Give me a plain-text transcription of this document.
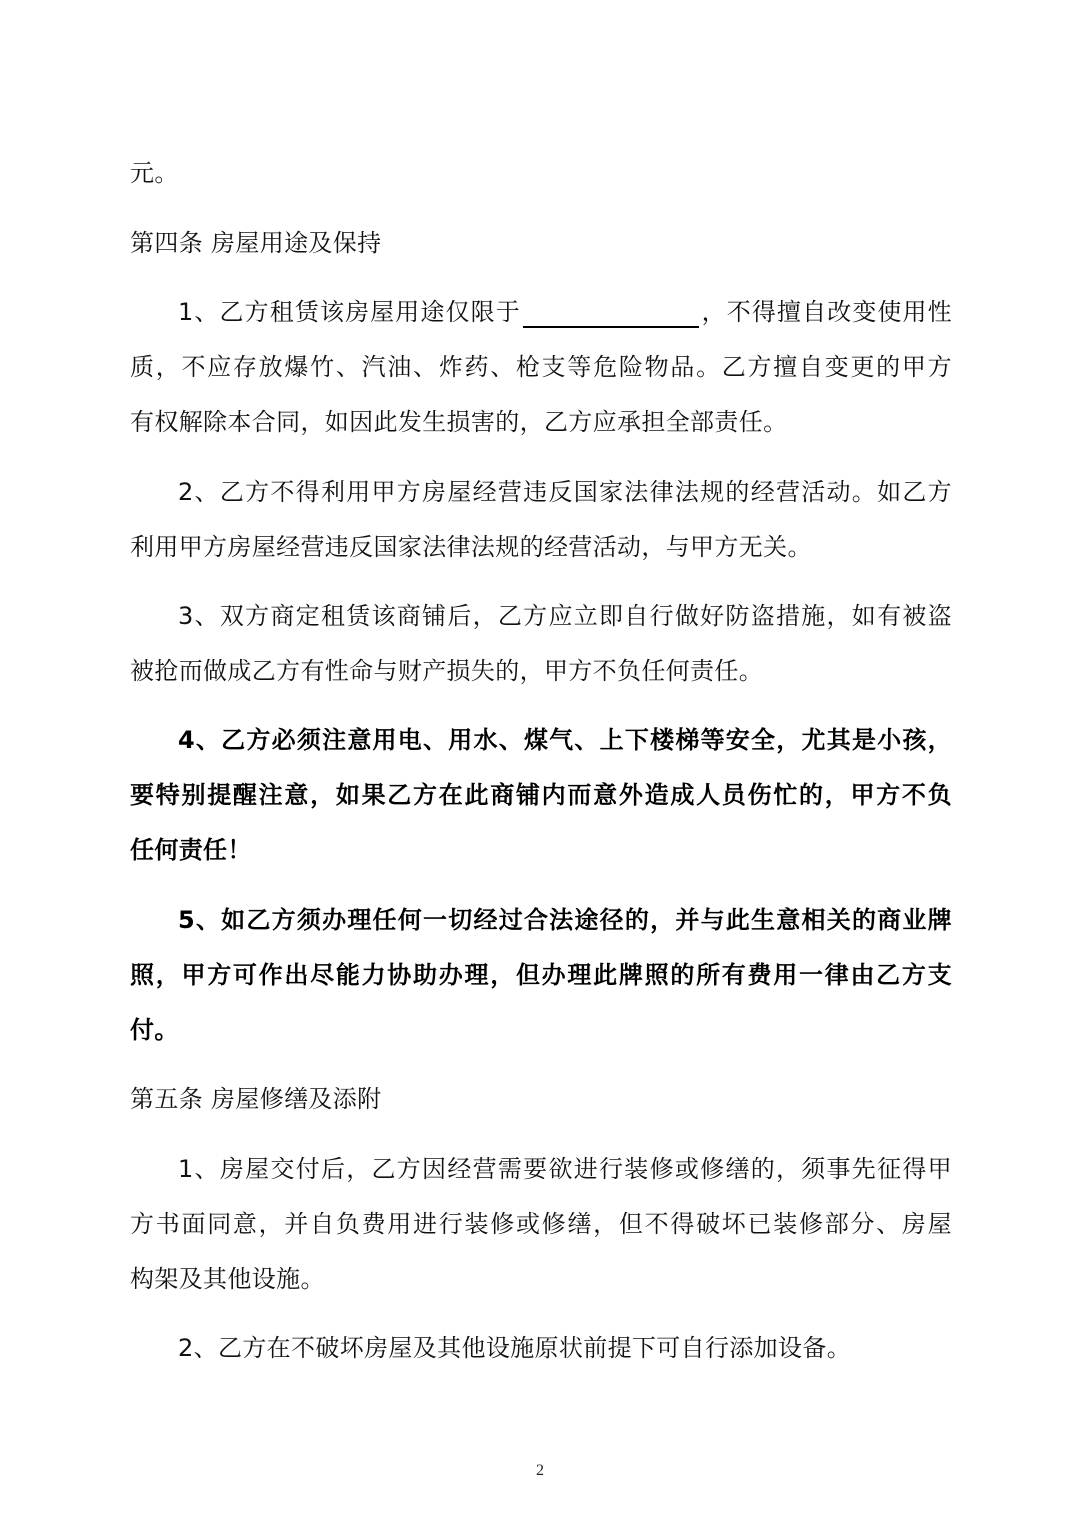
元。
第四条 房屋用途及保持
1、乙方租赁该房屋用途仅限于	，不得擅自改变使用性
质，不应存放爆竹、汽油、炸药、枪支等危险物品。乙方擅自变更的甲方
有权解除本合同，如因此发生损害的，乙方应承担全部责任。
2、乙方不得利用甲方房屋经营违反国家法律法规的经营活动。如乙方
利用甲方房屋经营违反国家法律法规的经营活动，与甲方无关。
3、双方商定租赁该商铺后，乙方应立即自行做好防盗措施，如有被盗
被抢而做成乙方有性命与财产损失的，甲方不负任何责任。
4、乙方必须注意用电、用水、煤气、上下楼梯等安全，尤其是小孩，
要特别提醒注意，如果乙方在此商铺内而意外造成人员伤忙的，甲方不负
任何责任！
5、如乙方须办理任何一切经过合法途径的，并与此生意相关的商业牌
照，甲方可作出尽能力协助办理，但办理此牌照的所有费用一律由乙方支
付。
第五条 房屋修缮及添附
1、房屋交付后，乙方因经营需要欲进行装修或修缮的，须事先征得甲
方书面同意，并自负费用进行装修或修缮，但不得破坏已装修部分、房屋
构架及其他设施。
2、乙方在不破坏房屋及其他设施原状前提下可自行添加设备。
2
